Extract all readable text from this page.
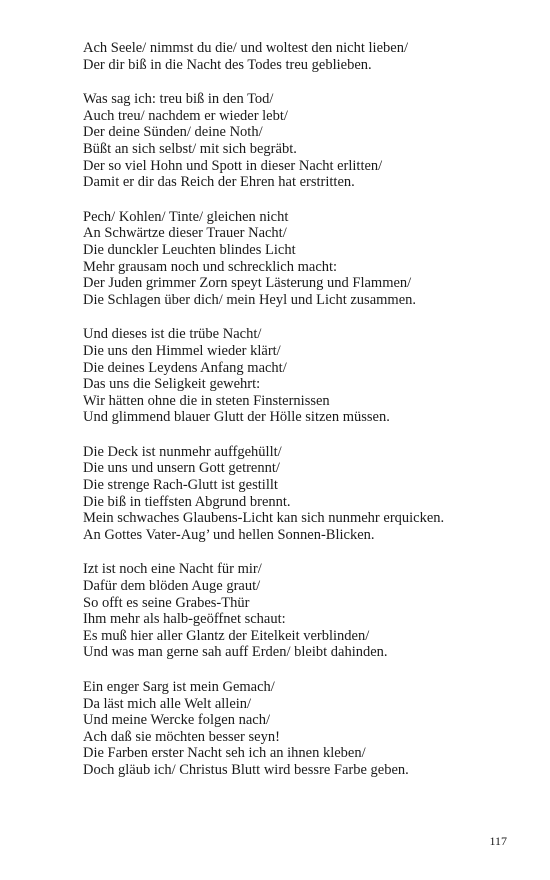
Ach Seele/ nimmst du die/ und woltest den nicht lieben/
Der dir biß in die Nacht des Todes treu geblieben.
Was sag ich: treu biß in den Tod/
Auch treu/ nachdem er wieder lebt/
Der deine Sünden/ deine Noth/
Büßt an sich selbst/ mit sich begräbt.
Der so viel Hohn und Spott in dieser Nacht erlitten/
Damit er dir das Reich der Ehren hat erstritten.
Pech/ Kohlen/ Tinte/ gleichen nicht
An Schwärtze dieser Trauer Nacht/
Die dunckler Leuchten blindes Licht
Mehr grausam noch und schrecklich macht:
Der Juden grimmer Zorn speyt Lästerung und Flammen/
Die Schlagen über dich/ mein Heyl und Licht zusammen.
Und dieses ist die trübe Nacht/
Die uns den Himmel wieder klärt/
Die deines Leydens Anfang macht/
Das uns die Seligkeit gewehrt:
Wir hätten ohne die in steten Finsternissen
Und glimmend blauer Glutt der Hölle sitzen müssen.
Die Deck ist nunmehr auffgehüllt/
Die uns und unsern Gott getrennt/
Die strenge Rach-Glutt ist gestillt
Die biß in tieffsten Abgrund brennt.
Mein schwaches Glaubens-Licht kan sich nunmehr erquicken.
An Gottes Vater-Aug’ und hellen Sonnen-Blicken.
Izt ist noch eine Nacht für mir/
Dafür dem blöden Auge graut/
So offt es seine Grabes-Thür
Ihm mehr als halb-geöffnet schaut:
Es muß hier aller Glantz der Eitelkeit verblinden/
Und was man gerne sah auff Erden/ bleibt dahinden.
Ein enger Sarg ist mein Gemach/
Da läst mich alle Welt allein/
Und meine Wercke folgen nach/
Ach daß sie möchten besser seyn!
Die Farben erster Nacht seh ich an ihnen kleben/
Doch gläub ich/ Christus Blutt wird bessre Farbe geben.
117
